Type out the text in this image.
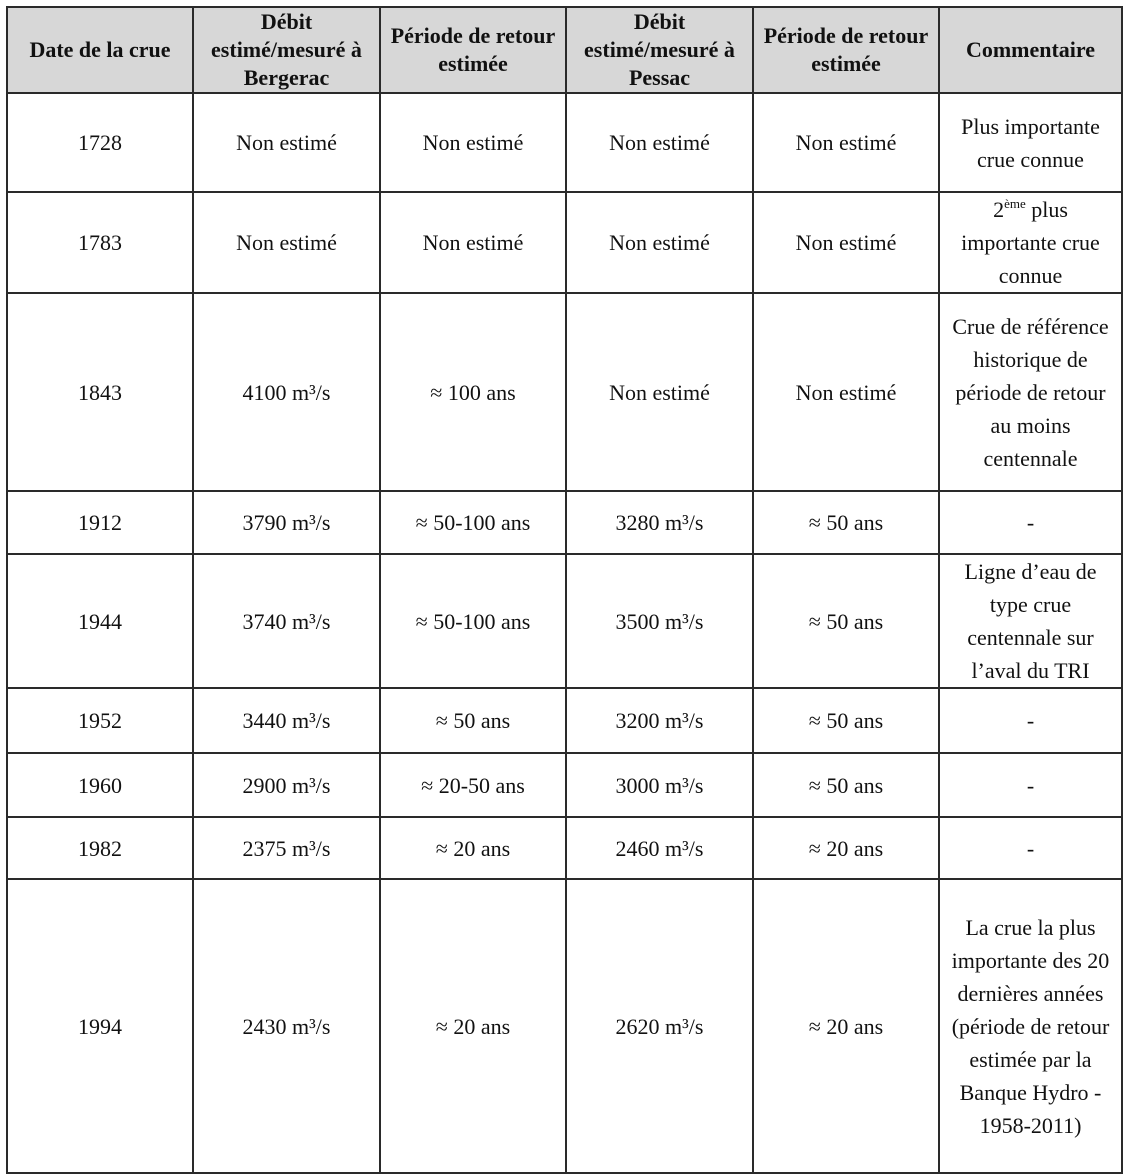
Date de la crue	Débit estimé/mesuré à Bergerac	Période de retour estimée	Débit estimé/mesuré à Pessac	Période de retour estimée	Commentaire
1728	Non estimé	Non estimé	Non estimé	Non estimé	Plus importante crue connue
1783	Non estimé	Non estimé	Non estimé	Non estimé	2ème plus importante crue connue
1843	4100 m³/s	≈ 100 ans	Non estimé	Non estimé	Crue de référence historique de période de retour au moins centennale
1912	3790 m³/s	≈ 50-100 ans	3280 m³/s	≈ 50 ans	-
1944	3740 m³/s	≈ 50-100 ans	3500 m³/s	≈ 50 ans	Ligne d’eau de type crue centennale sur l’aval du TRI
1952	3440 m³/s	≈ 50 ans	3200 m³/s	≈ 50 ans	-
1960	2900 m³/s	≈ 20-50 ans	3000 m³/s	≈ 50 ans	-
1982	2375 m³/s	≈ 20 ans	2460 m³/s	≈ 20 ans	-
1994	2430 m³/s	≈ 20 ans	2620 m³/s	≈ 20 ans	La crue la plus importante des 20 dernières années (période de retour estimée par la Banque Hydro - 1958-2011)
